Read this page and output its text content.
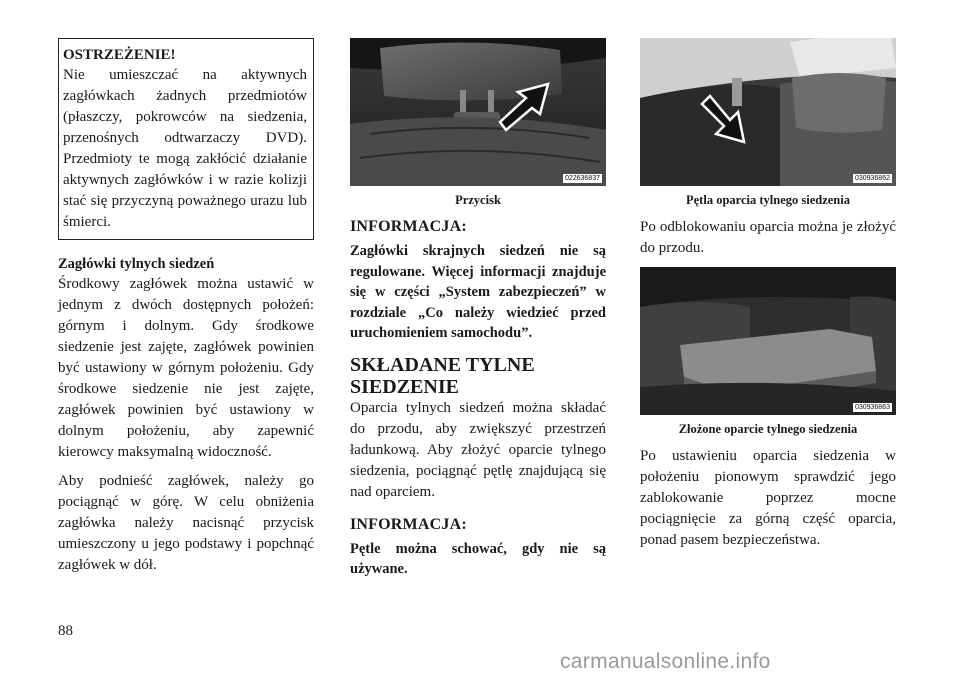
OSTRZEŻENIE!
Nie umieszczać na aktywnych zagłówkach żadnych przedmiotów (płaszczy, pokrowców na siedzenia, przenośnych odtwarzaczy DVD). Przedmioty te mogą zakłócić działanie aktywnych zagłówków i w razie kolizji stać się przyczyną poważnego urazu lub śmierci.
Zagłówki tylnych siedzeń
Środkowy zagłówek można ustawić w jednym z dwóch dostępnych położeń: górnym i dolnym. Gdy środkowe siedzenie jest zajęte, zagłówek powinien być ustawiony w górnym położeniu. Gdy środkowe siedzenie nie jest zajęte, zagłówek powinien być ustawiony w dolnym położeniu, aby zapewnić kierowcy maksymalną widoczność.
Aby podnieść zagłówek, należy go pociągnąć w górę. W celu obniżenia zagłówka należy nacisnąć przycisk umieszczony u jego podstawy i popchnąć zagłówek w dół.
022636837
Przycisk
INFORMACJA:
Zagłówki skrajnych siedzeń nie są regulowane. Więcej informacji znajduje się w części „System zabezpieczeń” w rozdziale „Co należy wiedzieć przed uruchomieniem samochodu”.
SKŁADANE TYLNE
SIEDZENIE
Oparcia tylnych siedzeń można składać do przodu, aby zwiększyć przestrzeń ładunkową. Aby złożyć oparcie tylnego siedzenia, pociągnąć pętlę znajdującą się nad oparciem.
INFORMACJA:
Pętle można schować, gdy nie są używane.
030936862
Pętla oparcia tylnego siedzenia
Po odblokowaniu oparcia można je złożyć do przodu.
030936863
Złożone oparcie tylnego siedzenia
Po ustawieniu oparcia siedzenia w położeniu pionowym sprawdzić jego zablokowanie poprzez mocne pociągnięcie za górną część oparcia, ponad pasem bezpieczeństwa.
88
carmanualsonline.info
